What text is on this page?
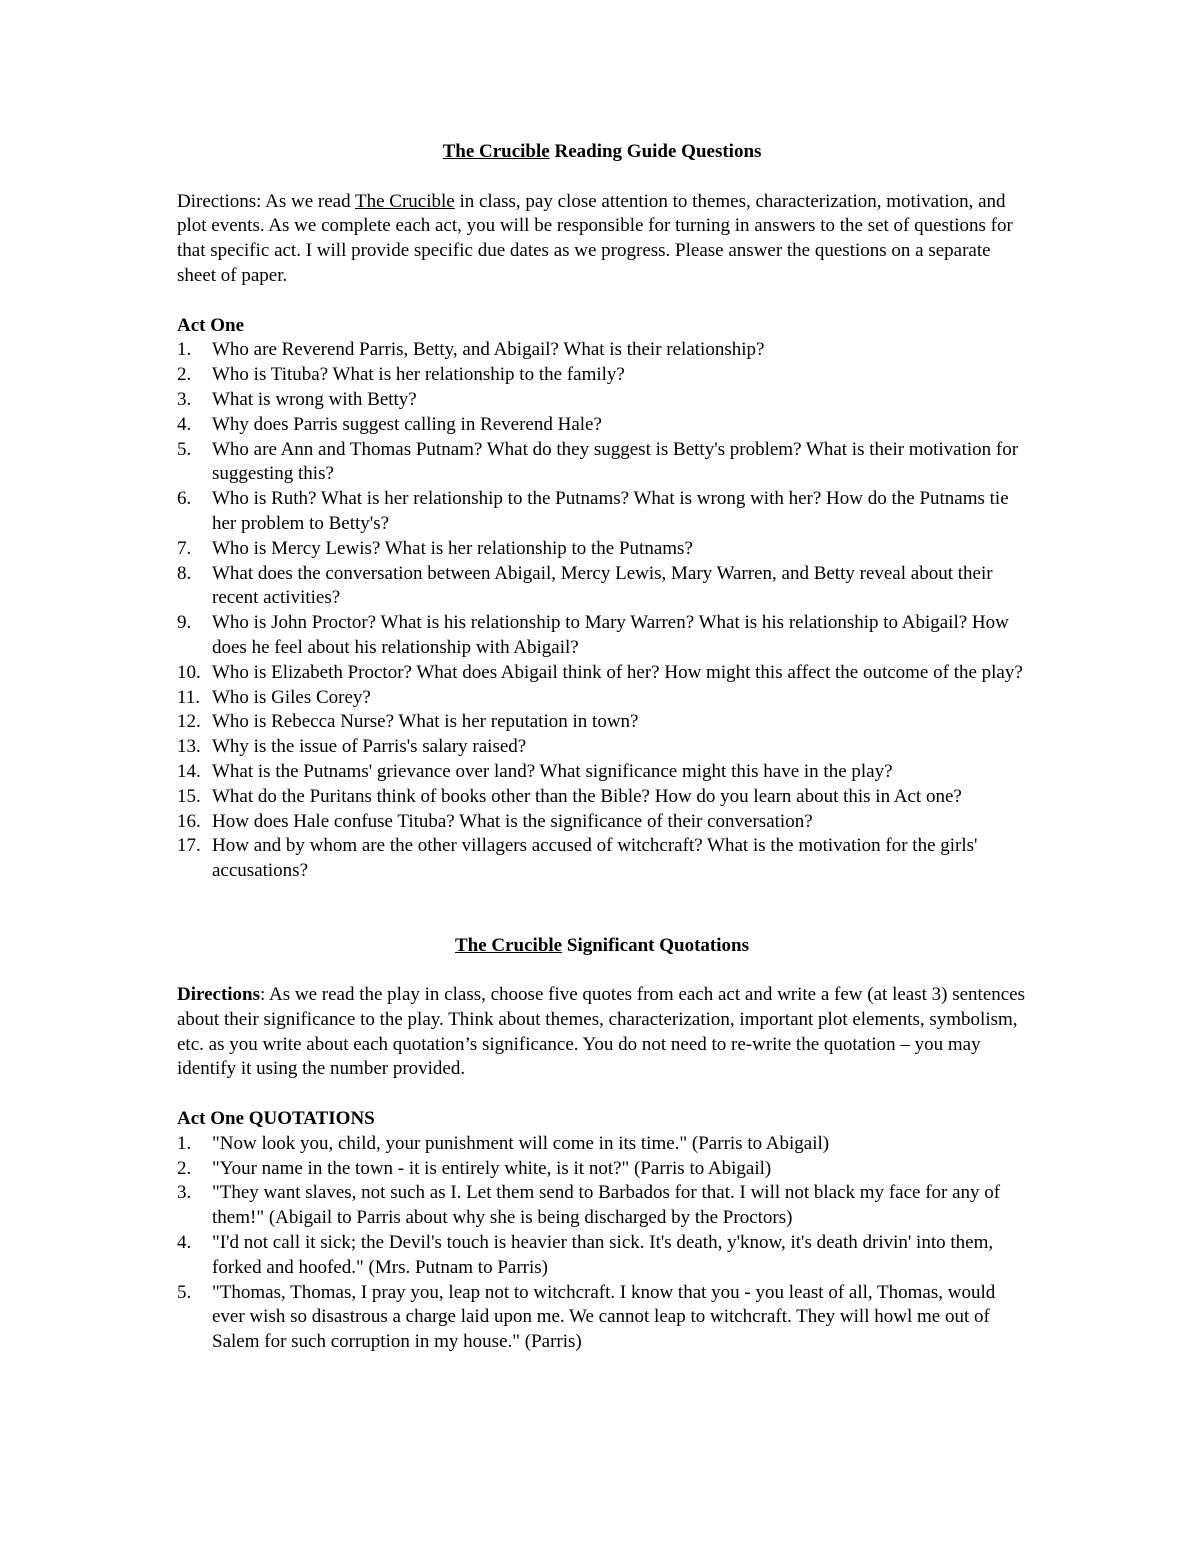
The Crucible Reading Guide Questions

Directions: As we read The Crucible in class, pay close attention to themes, characterization, motivation, and plot events. As we complete each act, you will be responsible for turning in answers to the set of questions for that specific act. I will provide specific due dates as we progress. Please answer the questions on a separate sheet of paper.

Act One

1.	Who are Reverend Parris, Betty, and Abigail? What is their relationship?
2.	Who is Tituba? What is her relationship to the family?
3.	What is wrong with Betty?
4.	Why does Parris suggest calling in Reverend Hale?
5.	Who are Ann and Thomas Putnam? What do they suggest is Betty's problem? What is their motivation for suggesting this?
6.	Who is Ruth? What is her relationship to the Putnams? What is wrong with her? How do the Putnams tie her problem to Betty's?
7.	Who is Mercy Lewis? What is her relationship to the Putnams?
8.	What does the conversation between Abigail, Mercy Lewis, Mary Warren, and Betty reveal about their recent activities?
9.	Who is John Proctor? What is his relationship to Mary Warren? What is his relationship to Abigail? How does he feel about his relationship with Abigail?
10. Who is Elizabeth Proctor? What does Abigail think of her? How might this affect the outcome of the play?
11. Who is Giles Corey?
12. Who is Rebecca Nurse? What is her reputation in town?
13. Why is the issue of Parris's salary raised?
14. What is the Putnams' grievance over land? What significance might this have in the play?
15. What do the Puritans think of books other than the Bible? How do you learn about this in Act one?
16. How does Hale confuse Tituba? What is the significance of their conversation?
17. How and by whom are the other villagers accused of witchcraft? What is the motivation for the girls' accusations?

The Crucible Significant Quotations

Directions: As we read the play in class, choose five quotes from each act and write a few (at least 3) sentences about their significance to the play. Think about themes, characterization, important plot elements, symbolism, etc. as you write about each quotation’s significance. You do not need to re-write the quotation – you may identify it using the number provided.

Act One QUOTATIONS

1.	"Now look you, child, your punishment will come in its time." (Parris to Abigail)
2.	"Your name in the town - it is entirely white, is it not?" (Parris to Abigail)
3.	"They want slaves, not such as I. Let them send to Barbados for that. I will not black my face for any of them!" (Abigail to Parris about why she is being discharged by the Proctors)
4.	"I'd not call it sick; the Devil's touch is heavier than sick. It's death, y'know, it's death drivin' into them, forked and hoofed." (Mrs. Putnam to Parris)
5.	"Thomas, Thomas, I pray you, leap not to witchcraft. I know that you - you least of all, Thomas, would ever wish so disastrous a charge laid upon me. We cannot leap to witchcraft. They will howl me out of Salem for such corruption in my house." (Parris)
